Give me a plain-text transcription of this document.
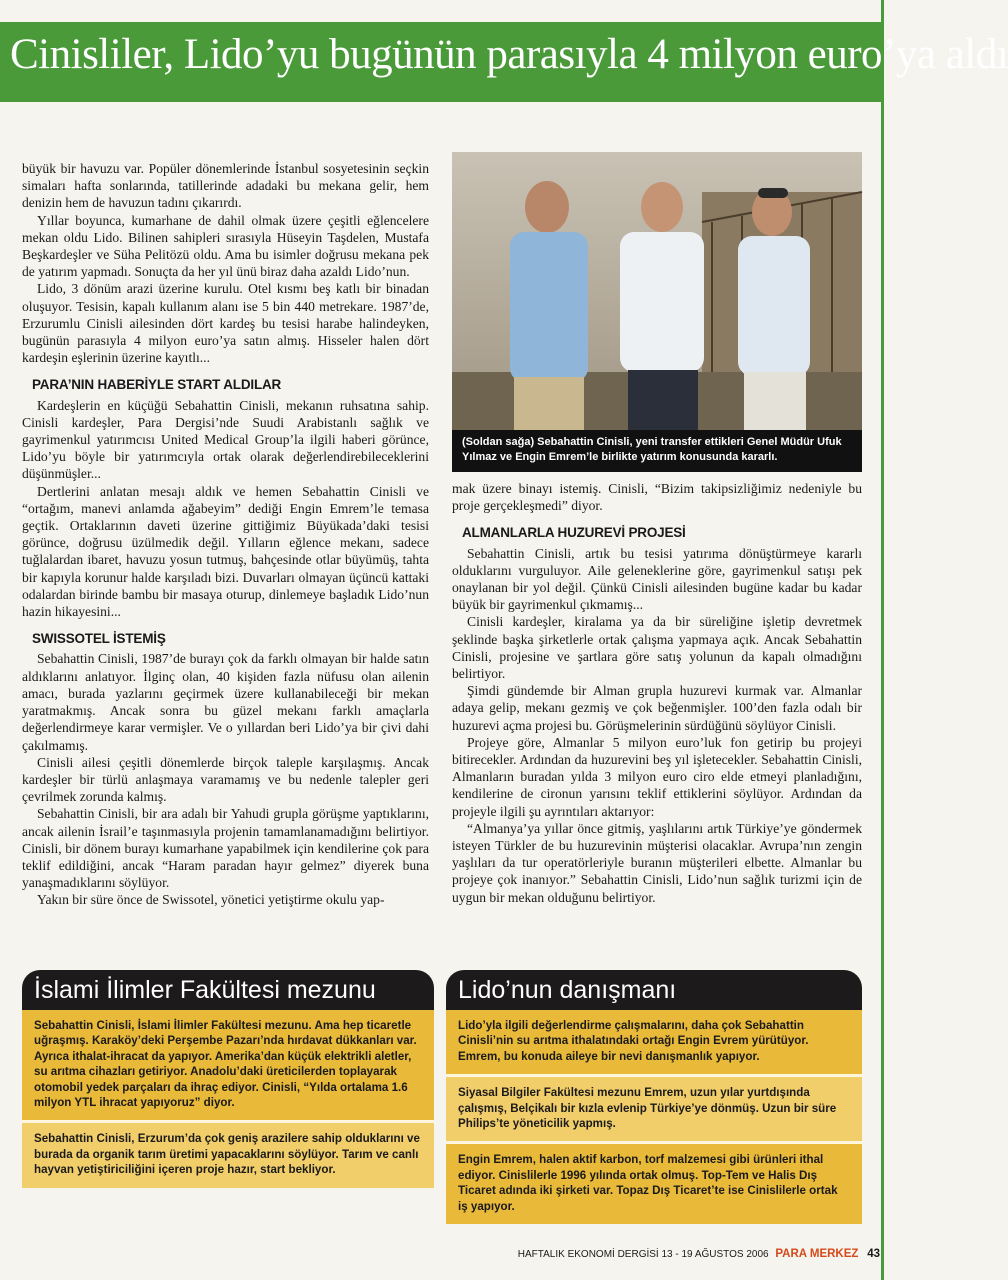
Cinisliler, Lido’yu bugünün parasıyla 4 milyon euro’ya aldı

büyük bir havuzu var. Popüler dönemlerinde İstanbul sosyetesinin seçkin simaları hafta sonlarında, tatillerinde adadaki bu mekana gelir, hem denizin hem de havuzun tadını çıkarırdı.

Yıllar boyunca, kumarhane de dahil olmak üzere çeşitli eğlencelere mekan oldu Lido. Bilinen sahipleri sırasıyla Hüseyin Taşdelen, Mustafa Beşkardeşler ve Süha Pelitözü oldu. Ama bu isimler doğrusu mekana pek de yatırım yapmadı. Sonuçta da her yıl ünü biraz daha azaldı Lido’nun.

Lido, 3 dönüm arazi üzerine kurulu. Otel kısmı beş katlı bir binadan oluşuyor. Tesisin, kapalı kullanım alanı ise 5 bin 440 metrekare. 1987’de, Erzurumlu Cinisli ailesinden dört kardeş bu tesisi harabe halindeyken, bugünün parasıyla 4 milyon euro’ya satın almış. Hisseler halen dört kardeşin eşlerinin üzerine kayıtlı...

PARA’NIN HABERİYLE START ALDILAR

Kardeşlerin en küçüğü Sebahattin Cinisli, mekanın ruhsatına sahip. Cinisli kardeşler, Para Dergisi’nde Suudi Arabistanlı sağlık ve gayrimenkul yatırımcısı United Medical Group’la ilgili haberi görünce, Lido’yu böyle bir yatırımcıyla ortak olarak değerlendirebileceklerini düşünmüşler...

Dertlerini anlatan mesajı aldık ve hemen Sebahattin Cinisli ve “ortağım, manevi anlamda ağabeyim” dediği Engin Emrem’le temasa geçtik. Ortaklarının daveti üzerine gittiğimiz Büyükada’daki tesisi görünce, doğrusu üzülmedik değil. Yılların eğlence mekanı, sadece tuğlalardan ibaret, havuzu yosun tutmuş, bahçesinde otlar büyümüş, tahta bir kapıyla korunur halde karşıladı bizi. Duvarları olmayan üçüncü kattaki odalardan birinde bambu bir masaya oturup, dinlemeye başladık Lido’nun hazin hikayesini...

SWISSOTEL İSTEMİŞ

Sebahattin Cinisli, 1987’de burayı çok da farklı olmayan bir halde satın aldıklarını anlatıyor. İlginç olan, 40 kişiden fazla nüfusu olan ailenin amacı, burada yazlarını geçirmek üzere kullanabileceği bir mekan yaratmakmış. Ancak sonra bu güzel mekanı farklı amaçlarla değerlendirmeye karar vermişler. Ve o yıllardan beri Lido’ya bir çivi dahi çakılmamış.

Cinisli ailesi çeşitli dönemlerde birçok taleple karşılaşmış. Ancak kardeşler bir türlü anlaşmaya varamamış ve bu nedenle talepler geri çevrilmek zorunda kalmış.

Sebahattin Cinisli, bir ara adalı bir Yahudi grupla görüşme yaptıklarını, ancak ailenin İsrail’e taşınmasıyla projenin tamamlanamadığını belirtiyor. Cinisli, bir dönem burayı kumarhane yapabilmek için kendilerine çok para teklif edildiğini, ancak “Haram paradan hayır gelmez” diyerek buna yanaşmadıklarını söylüyor.

Yakın bir süre önce de Swissotel, yönetici yetiştirme okulu yap-

(Soldan sağa) Sebahattin Cinisli, yeni transfer ettikleri Genel Müdür Ufuk Yılmaz ve Engin Emrem’le birlikte yatırım konusunda kararlı.

mak üzere binayı istemiş. Cinisli, “Bizim takipsizliğimiz nedeniyle bu proje gerçekleşmedi” diyor.

ALMANLARLA HUZUREVİ PROJESİ

Sebahattin Cinisli, artık bu tesisi yatırıma dönüştürmeye kararlı olduklarını vurguluyor. Aile geleneklerine göre, gayrimenkul satışı pek onaylanan bir yol değil. Çünkü Cinisli ailesinden bugüne kadar bu kadar büyük bir gayrimenkul çıkmamış...

Cinisli kardeşler, kiralama ya da bir süreliğine işletip devretmek şeklinde başka şirketlerle ortak çalışma yapmaya açık. Ancak Sebahattin Cinisli, projesine ve şartlara göre satış yolunun da kapalı olmadığını belirtiyor.

Şimdi gündemde bir Alman grupla huzurevi kurmak var. Almanlar adaya gelip, mekanı gezmiş ve çok beğenmişler. 100’den fazla odalı bir huzurevi açma projesi bu. Görüşmelerinin sürdüğünü söylüyor Cinisli.

Projeye göre, Almanlar 5 milyon euro’luk fon getirip bu projeyi bitirecekler. Ardından da huzurevini beş yıl işletecekler. Sebahattin Cinisli, Almanların buradan yılda 3 milyon euro ciro elde etmeyi planladığını, kendilerine de cironun yarısını teklif ettiklerini söylüyor. Ardından da projeyle ilgili şu ayrıntıları aktarıyor:

“Almanya’ya yıllar önce gitmiş, yaşlılarını artık Türkiye’ye göndermek isteyen Türkler de bu huzurevinin müşterisi olacaklar. Avrupa’nın zengin yaşlıları da tur operatörleriyle buranın müşterileri elbette. Almanlar bu projeye çok inanıyor.” Sebahattin Cinisli, Lido’nun sağlık turizmi için de uygun bir mekan olduğunu belirtiyor.

İslami İlimler Fakültesi mezunu
Sebahattin Cinisli, İslami İlimler Fakültesi mezunu. Ama hep ticaretle uğraşmış. Karaköy’deki Perşembe Pazarı’nda hırdavat dükkanları var. Ayrıca ithalat-ihracat da yapıyor. Amerika’dan küçük elektrikli aletler, su arıtma cihazları getiriyor. Anadolu’daki üreticilerden toplayarak otomobil yedek parçaları da ihraç ediyor. Cinisli, “Yılda ortalama 1.6 milyon YTL ihracat yapıyoruz” diyor.
Sebahattin Cinisli, Erzurum’da çok geniş arazilere sahip olduklarını ve burada da organik tarım üretimi yapacaklarını söylüyor. Tarım ve canlı hayvan yetiştiriciliğini içeren proje hazır, start bekliyor.
Lido’nun danışmanı
Lido’yla ilgili değerlendirme çalışmalarını, daha çok Sebahattin Cinisli’nin su arıtma ithalatındaki ortağı Engin Evrem yürütüyor. Emrem, bu konuda aileye bir nevi danışmanlık yapıyor.
Siyasal Bilgiler Fakültesi mezunu Emrem, uzun yılar yurtdışında çalışmış, Belçikalı bir kızla evlenip Türkiye’ye dönmüş. Uzun bir süre Philips’te yöneticilik yapmış.
Engin Emrem, halen aktif karbon, torf malzemesi gibi ürünleri ithal ediyor. Cinislilerle 1996 yılında ortak olmuş. Top-Tem ve Halis Dış Ticaret adında iki şirketi var. Topaz Dış Ticaret’te ise Cinislilerle ortak iş yapıyor.
HAFTALIK EKONOMİ DERGİSİ 13 - 19 AĞUSTOS 2006 PARA MERKEZ 43
